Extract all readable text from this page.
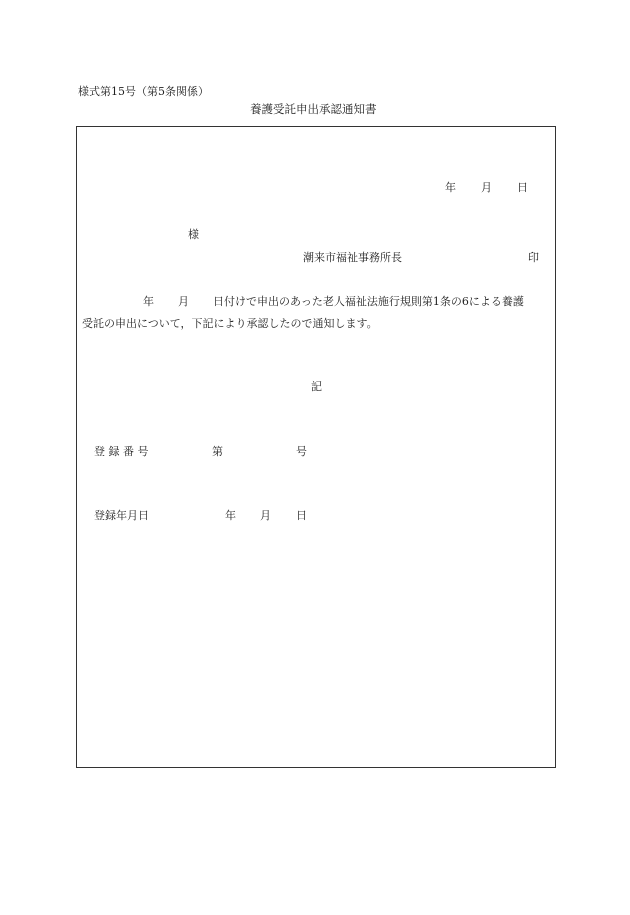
様式第15号（第5条関係）
養護受託申出承認通知書
年 月 日
様
潮来市福祉事務所長	印
年 月 日付けで申出のあった老人福祉法施行規則第1条の6による養護
受託の申出について，下記により承認したので通知します。
記
登 録 番 号	第	号
登録年月日	年 月 日
